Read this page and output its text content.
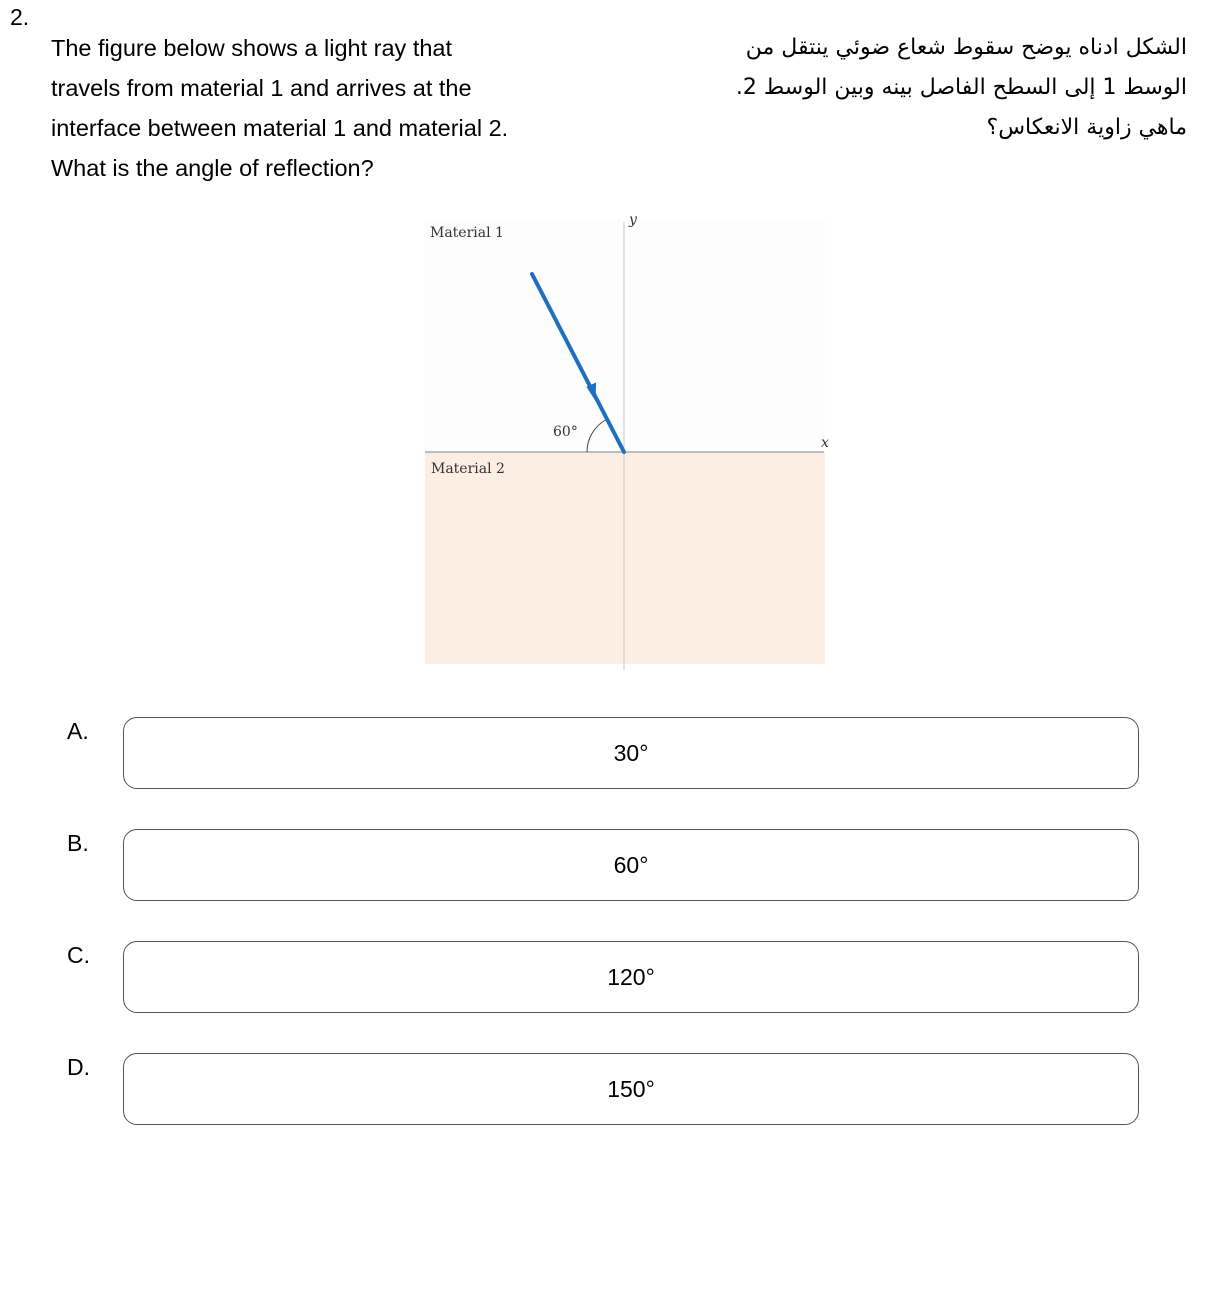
2.
The figure below shows a light ray that
travels from material 1 and arrives at the
interface between material 1 and material 2.
What is the angle of reflection?
الشكل ادناه يوضح سقوط شعاع ضوئي ينتقل من
الوسط 1 إلى السطح الفاصل بينه وبين الوسط 2.
ماهي زاوية الانعكاس؟
Material 1
Material 2
y
x
60°
A.
30°
B.
60°
C.
120°
D.
150°
